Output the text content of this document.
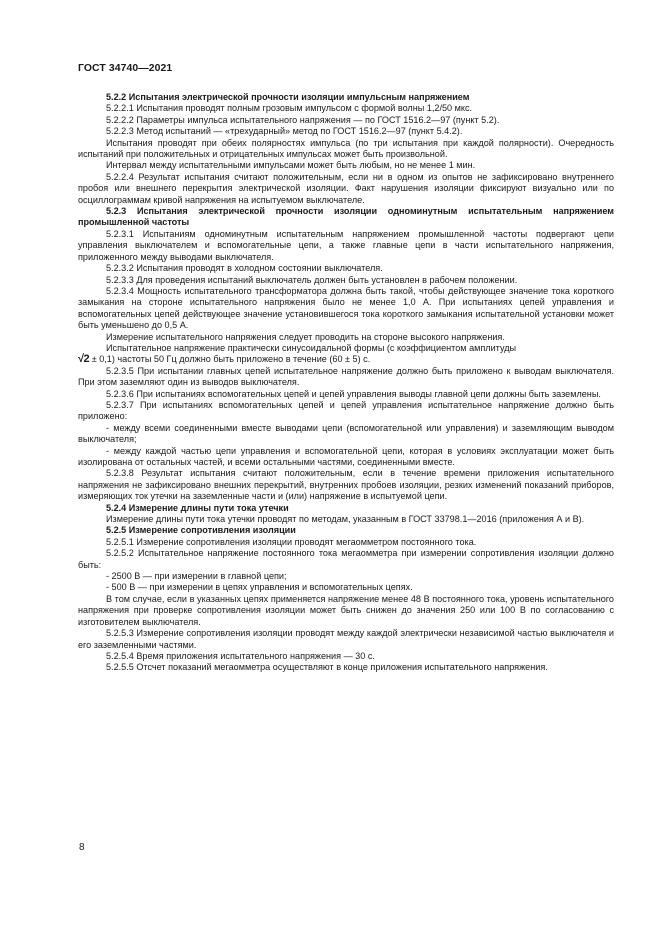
ГОСТ 34740—2021

5.2.2 Испытания электрической прочности изоляции импульсным напряжением

5.2.2.1 Испытания проводят полным грозовым импульсом с формой волны 1,2/50 мкс.

5.2.2.2 Параметры импульса испытательного напряжения — по ГОСТ 1516.2—97 (пункт 5.2).

5.2.2.3 Метод испытаний — «трехударный» метод по ГОСТ 1516.2—97 (пункт 5.4.2).

Испытания проводят при обеих полярностях импульса (по три испытания при каждой полярности). Очередность испытаний при положительных и отрицательных импульсах может быть произвольной.

Интервал между испытательными импульсами может быть любым, но не менее 1 мин.

5.2.2.4 Результат испытания считают положительным, если ни в одном из опытов не зафиксировано внутреннего пробоя или внешнего перекрытия электрической изоляции. Факт нарушения изоляции фиксируют визуально или по осциллограммам кривой напряжения на испытуемом выключателе.

5.2.3 Испытания электрической прочности изоляции одноминутным испытательным напряжением промышленной частоты

5.2.3.1 Испытаниям одноминутным испытательным напряжением промышленной частоты подвергают цепи управления выключателем и вспомогательные цепи, а также главные цепи в части испытательного напряжения, приложенного между выводами выключателя.

5.2.3.2 Испытания проводят в холодном состоянии выключателя.

5.2.3.3 Для проведения испытаний выключатель должен быть установлен в рабочем положении.

5.2.3.4 Мощность испытательного трансформатора должна быть такой, чтобы действующее значение тока короткого замыкания на стороне испытательного напряжения было не менее 1,0 А. При испытаниях цепей управления и вспомогательных цепей действующее значение установившегося тока короткого замыкания испытательной установки может быть уменьшено до 0,5 А.

Измерение испытательного напряжения следует проводить на стороне высокого напряжения.

Испытательное напряжение практически синусоидальной формы (с коэффициентом амплитуды

√2 ± 0,1) частоты 50 Гц должно быть приложено в течение (60 ± 5) с.

5.2.3.5 При испытании главных цепей испытательное напряжение должно быть приложено к выводам выключателя. При этом заземляют один из выводов выключателя.

5.2.3.6 При испытаниях вспомогательных цепей и цепей управления выводы главной цепи должны быть заземлены.

5.2.3.7 При испытаниях вспомогательных цепей и цепей управления испытательное напряжение должно быть приложено:

- между всеми соединенными вместе выводами цепи (вспомогательной или управления) и заземляющим выводом выключателя;

- между каждой частью цепи управления и вспомогательной цепи, которая в условиях эксплуатации может быть изолирована от остальных частей, и всеми остальными частями, соединенными вместе.

5.2.3.8 Результат испытания считают положительным, если в течение времени приложения испытательного напряжения не зафиксировано внешних перекрытий, внутренних пробоев изоляции, резких изменений показаний приборов, измеряющих ток утечки на заземленные части и (или) напряжение в испытуемой цепи.

5.2.4 Измерение длины пути тока утечки

Измерение длины пути тока утечки проводят по методам, указанным в ГОСТ 33798.1—2016 (приложения А и В).

5.2.5 Измерение сопротивления изоляции

5.2.5.1 Измерение сопротивления изоляции проводят мегаомметром постоянного тока.

5.2.5.2 Испытательное напряжение постоянного тока мегаомметра при измерении сопротивления изоляции должно быть:

- 2500 В — при измерении в главной цепи;

- 500 В — при измерении в цепях управления и вспомогательных цепях.

В том случае, если в указанных цепях применяется напряжение менее 48 В постоянного тока, уровень испытательного напряжения при проверке сопротивления изоляции может быть снижен до значения 250 или 100 В по согласованию с изготовителем выключателя.

5.2.5.3 Измерение сопротивления изоляции проводят между каждой электрически независимой частью выключателя и его заземленными частями.

5.2.5.4 Время приложения испытательного напряжения — 30 с.

5.2.5.5 Отсчет показаний мегаомметра осуществляют в конце приложения испытательного напряжения.

8
